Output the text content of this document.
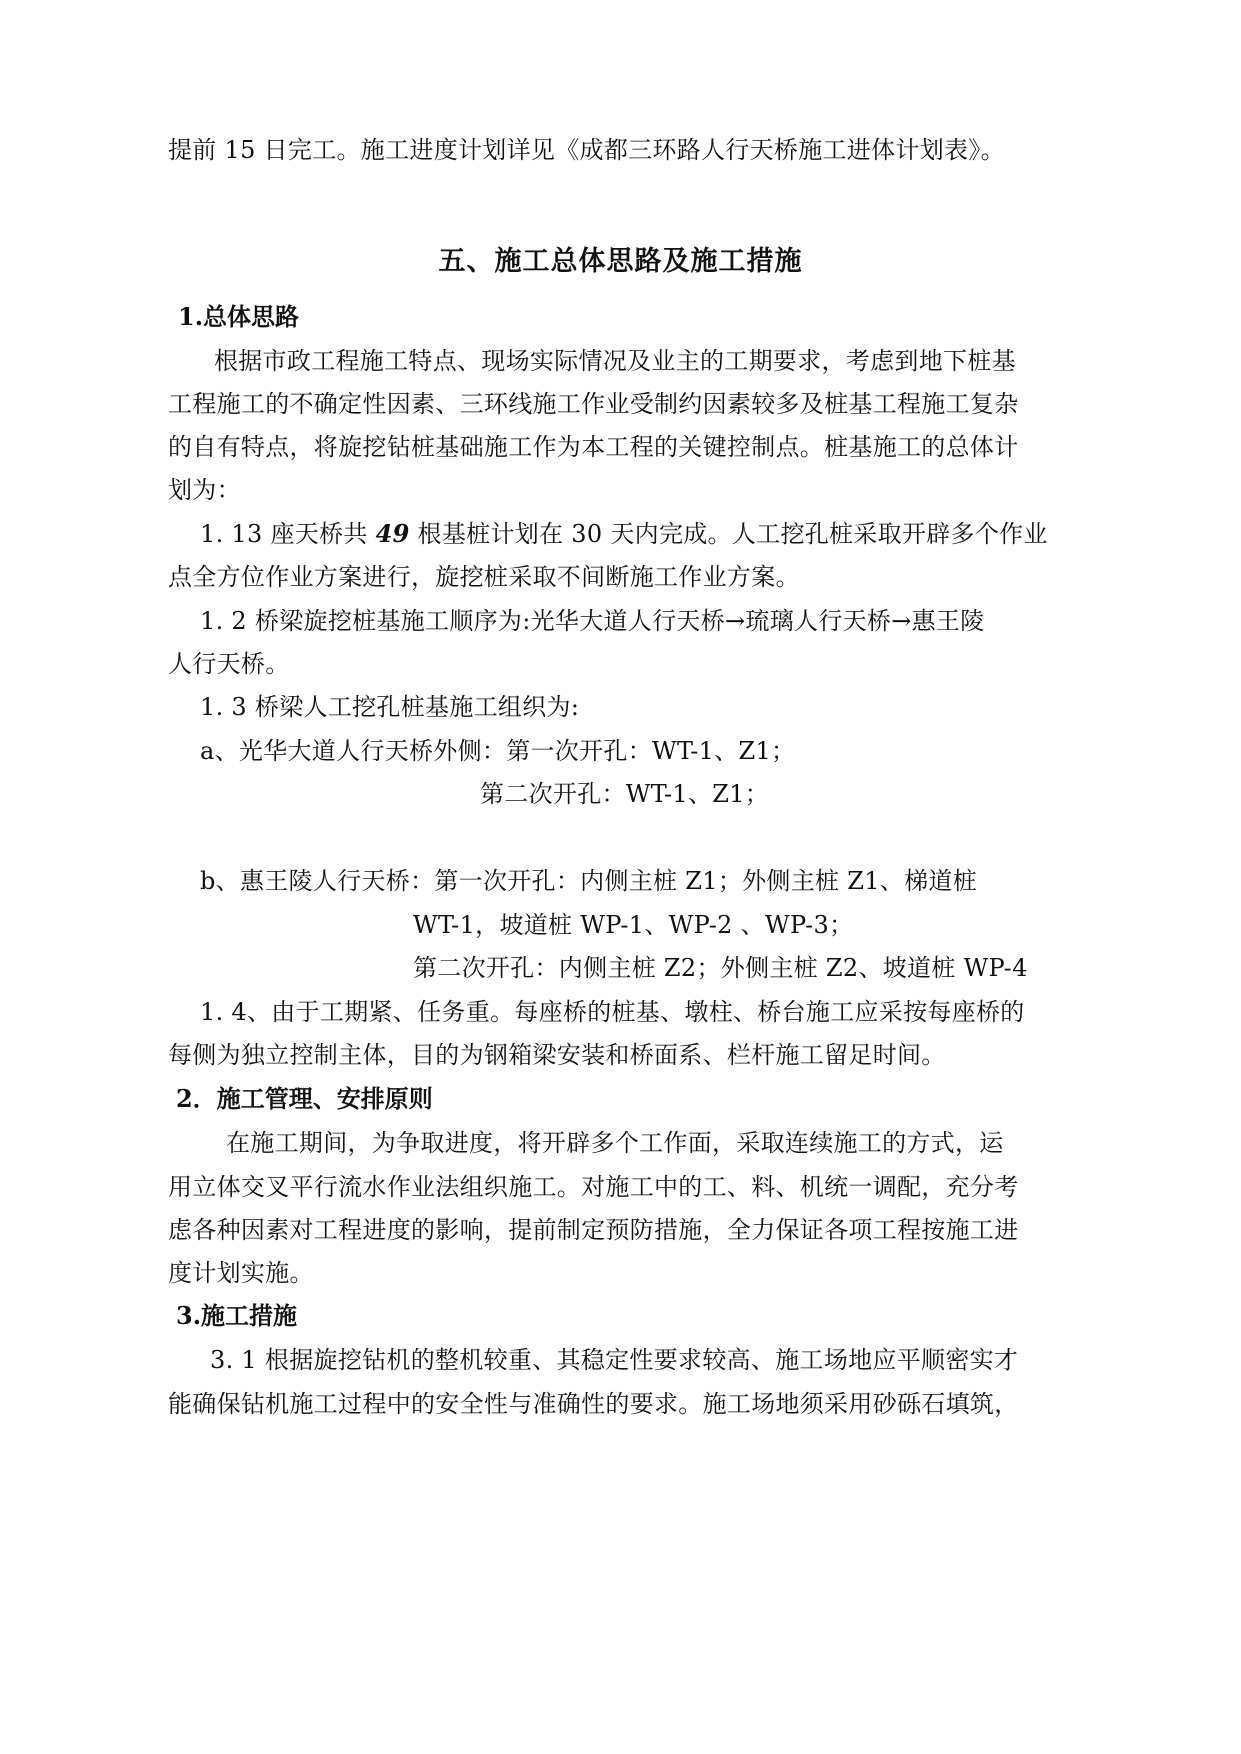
提前 15 日完工。施工进度计划详见《成都三环路人行天桥施工进体计划表》。
五、施工总体思路及施工措施
1.总体思路
根据市政工程施工特点、现场实际情况及业主的工期要求，考虑到地下桩基
工程施工的不确定性因素、三环线施工作业受制约因素较多及桩基工程施工复杂
的自有特点，将旋挖钻桩基础施工作为本工程的关键控制点。桩基施工的总体计
划为：
1. 13 座天桥共 49 根基桩计划在 30 天内完成。人工挖孔桩采取开辟多个作业
点全方位作业方案进行，旋挖桩采取不间断施工作业方案。
1. 2 桥梁旋挖桩基施工顺序为:光华大道人行天桥→琉璃人行天桥→惠王陵
人行天桥。
1. 3 桥梁人工挖孔桩基施工组织为:
a、光华大道人行天桥外侧：第一次开孔：WT-1、Z1；
第二次开孔：WT-1、Z1；
b、惠王陵人行天桥：第一次开孔：内侧主桩 Z1；外侧主桩 Z1、梯道桩
WT-1，坡道桩 WP-1、WP-2 、WP-3；
第二次开孔：内侧主桩 Z2；外侧主桩 Z2、坡道桩 WP-4
1. 4、由于工期紧、任务重。每座桥的桩基、墩柱、桥台施工应采按每座桥的
每侧为独立控制主体，目的为钢箱梁安装和桥面系、栏杆施工留足时间。
2．施工管理、安排原则
在施工期间，为争取进度，将开辟多个工作面，采取连续施工的方式，运
用立体交叉平行流水作业法组织施工。对施工中的工、料、机统一调配，充分考
虑各种因素对工程进度的影响，提前制定预防措施，全力保证各项工程按施工进
度计划实施。
3.施工措施
3. 1 根据旋挖钻机的整机较重、其稳定性要求较高、施工场地应平顺密实才
能确保钻机施工过程中的安全性与准确性的要求。施工场地须采用砂砾石填筑，
